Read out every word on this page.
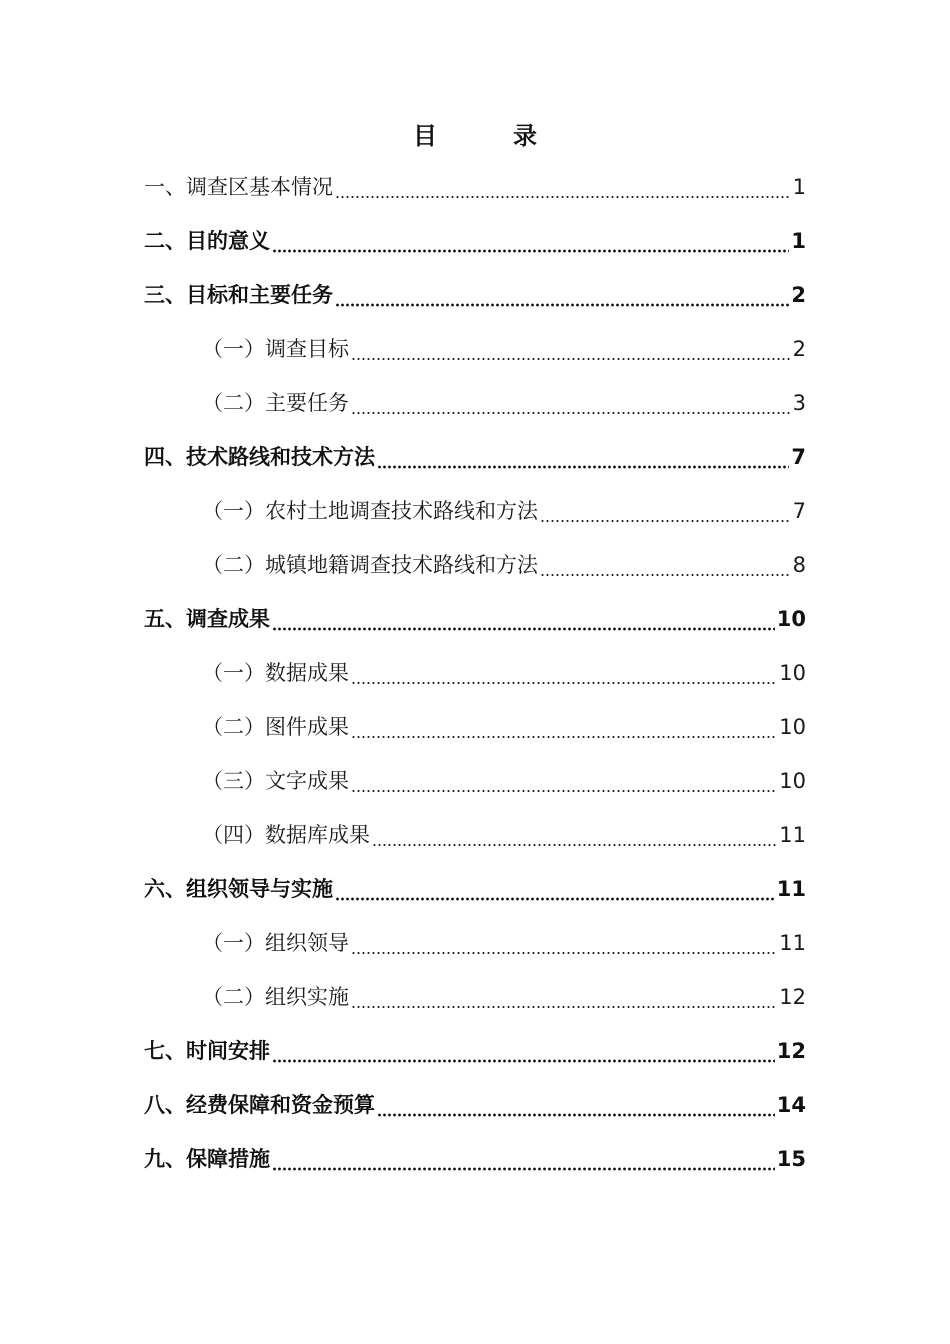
目　录
一、调查区基本情况	1
二、目的意义	1
三、目标和主要任务	2
（一）调查目标	2
（二）主要任务	3
四、技术路线和技术方法	7
（一）农村土地调查技术路线和方法	7
（二）城镇地籍调查技术路线和方法	8
五、调查成果	10
（一）数据成果	10
（二）图件成果	10
（三）文字成果	10
（四）数据库成果	11
六、组织领导与实施	11
（一）组织领导	11
（二）组织实施	12
七、时间安排	12
八、经费保障和资金预算	14
九、保障措施	15
